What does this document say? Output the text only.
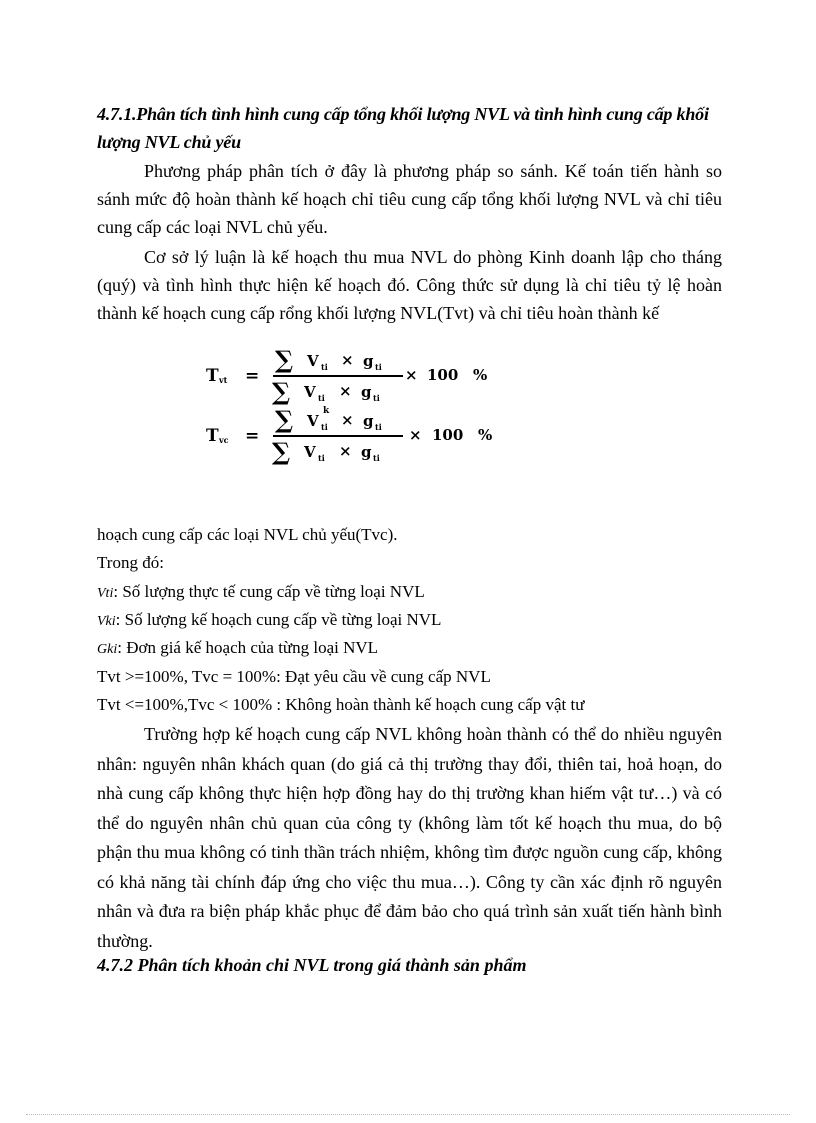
4.7.1.Phân tích tình hình cung cấp tổng khối lượng NVL và tình hình cung cấp khối lượng NVL chủ yếu
Phương pháp phân tích ở đây là phương pháp so sánh. Kế toán tiến hành so sánh mức độ hoàn thành kế hoạch chỉ tiêu cung cấp tổng khối lượng NVL và chỉ tiêu cung cấp các loại NVL chủ yếu.
Cơ sở lý luận là kế hoạch thu mua NVL do phòng Kinh doanh lập cho tháng (quý) và tình hình thực hiện kế hoạch đó. Công thức sử dụng là chỉ tiêu tỷ lệ hoàn thành kế hoạch cung cấp rổng khối lượng NVL(Tvt) và chỉ tiêu hoàn thành kế
T vt =
∑ V ti × g ti
∑ V ti × g ti
× 100 %
T vc =
∑ V
k
ti × g ti
∑ V ti × g ti
× 100 %
hoạch cung cấp các loại NVL chủ yếu(Tvc).
Trong đó:
Vti: Số lượng thực tế cung cấp về từng loại NVL
Vki: Số lượng kế hoạch cung cấp về từng loại NVL
Gki: Đơn giá kế hoạch của từng loại NVL
Tvt >=100%, Tvc = 100%: Đạt yêu cầu về cung cấp NVL
Tvt <=100%,Tvc < 100% : Không hoàn thành kế hoạch cung cấp vật tư
Trường hợp kế hoạch cung cấp NVL không hoàn thành có thể do nhiều nguyên nhân: nguyên nhân khách quan (do giá cả thị trường thay đổi, thiên tai, hoả hoạn, do nhà cung cấp không thực hiện hợp đồng hay do thị trường khan hiếm vật tư…) và có thể do nguyên nhân chủ quan của công ty (không làm tốt kế hoạch thu mua, do bộ phận thu mua không có tinh thần trách nhiệm, không tìm được nguồn cung cấp, không có khả năng tài chính đáp ứng cho việc thu mua…). Công ty cần xác định rõ nguyên nhân và đưa ra biện pháp khắc phục để đảm bảo cho quá trình sản xuất tiến hành bình thường.
4.7.2 Phân tích khoản chi NVL trong giá thành sản phẩm
